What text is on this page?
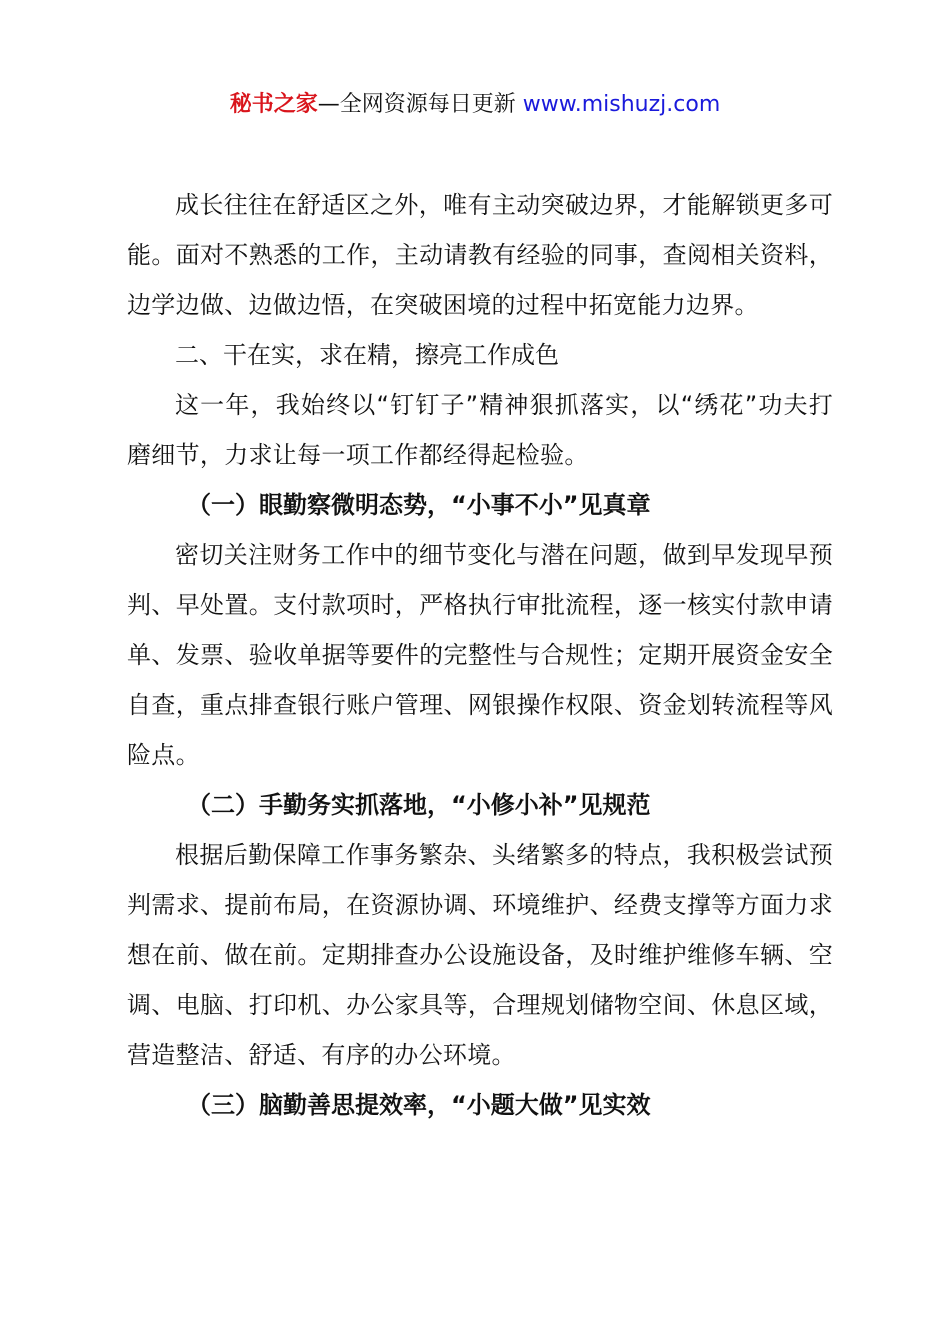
秘书之家—全网资源每日更新 www.mishuzj.com

成长往往在舒适区之外，唯有主动突破边界，才能解锁更多可能。面对不熟悉的工作，主动请教有经验的同事，查阅相关资料，边学边做、边做边悟，在突破困境的过程中拓宽能力边界。

二、干在实，求在精，擦亮工作成色

这一年，我始终以“钉钉子”精神狠抓落实，以“绣花”功夫打磨细节，力求让每一项工作都经得起检验。

（一）眼勤察微明态势，“小事不小”见真章

密切关注财务工作中的细节变化与潜在问题，做到早发现早预判、早处置。支付款项时，严格执行审批流程，逐一核实付款申请单、发票、验收单据等要件的完整性与合规性；定期开展资金安全自查，重点排查银行账户管理、网银操作权限、资金划转流程等风险点。

（二）手勤务实抓落地，“小修小补”见规范

根据后勤保障工作事务繁杂、头绪繁多的特点，我积极尝试预判需求、提前布局，在资源协调、环境维护、经费支撑等方面力求想在前、做在前。定期排查办公设施设备，及时维护维修车辆、空调、电脑、打印机、办公家具等，合理规划储物空间、休息区域，营造整洁、舒适、有序的办公环境。

（三）脑勤善思提效率，“小题大做”见实效
